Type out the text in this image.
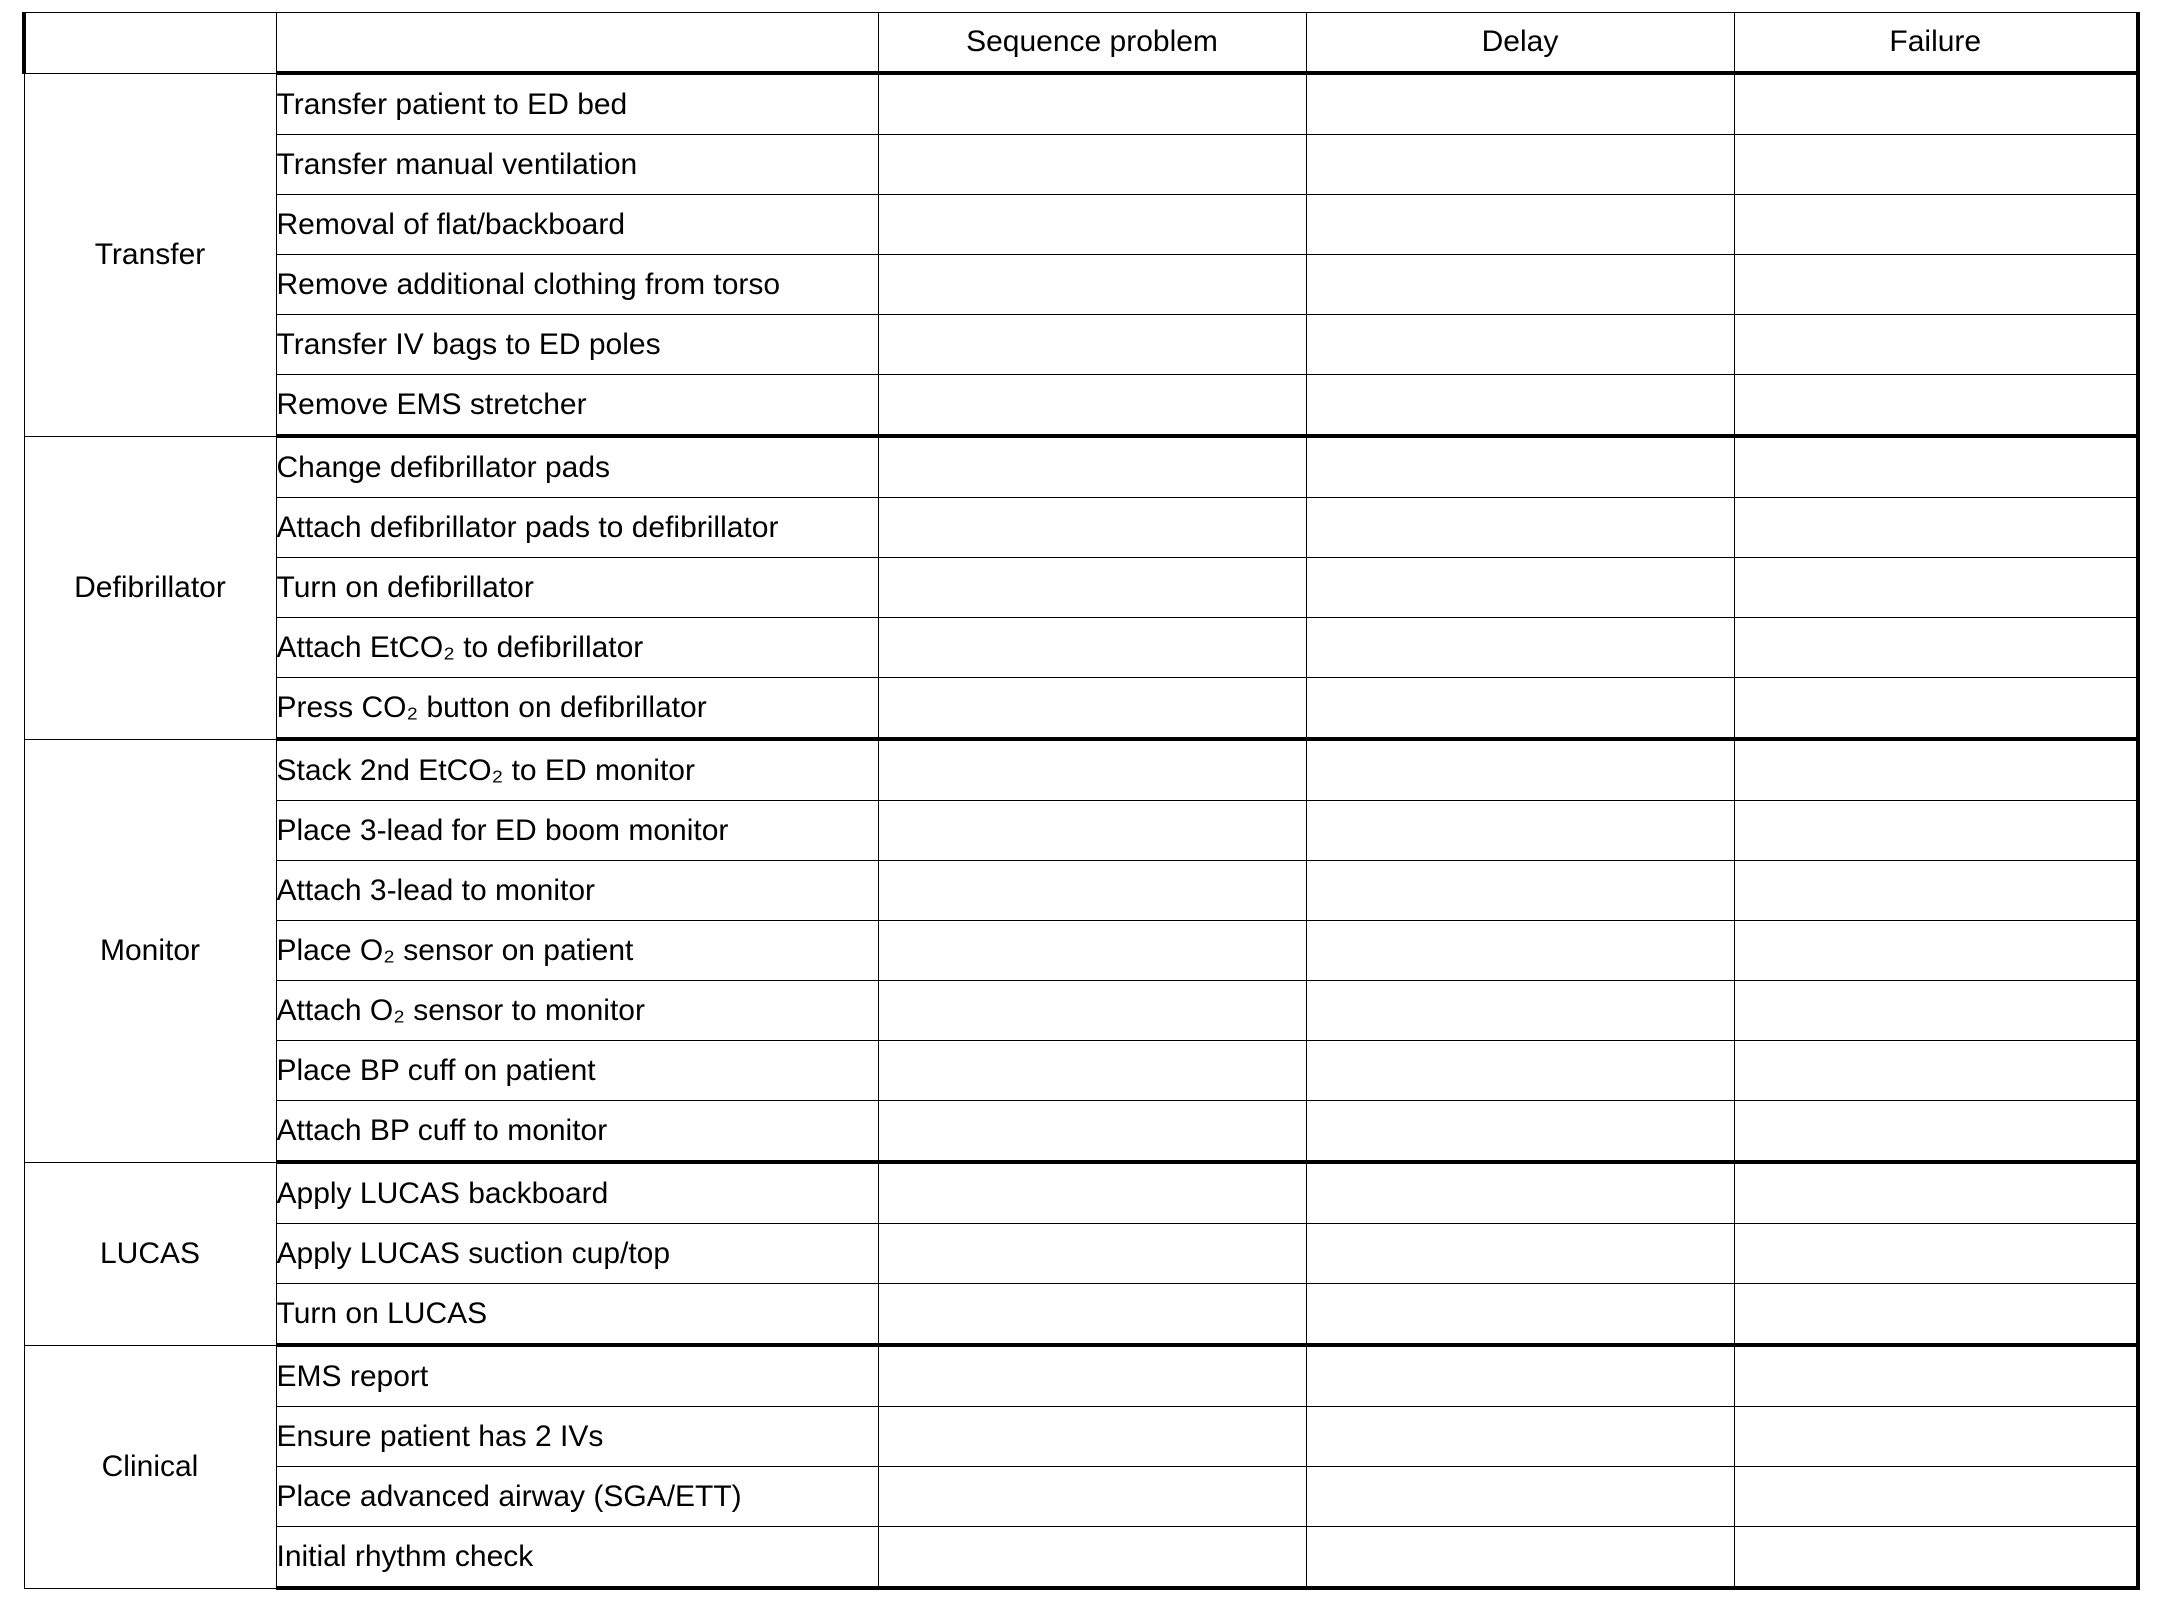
		Sequence problem	Delay	Failure
Transfer	Transfer patient to ED bed			
	Transfer manual ventilation			
	Removal of flat/backboard			
	Remove additional clothing from torso			
	Transfer IV bags to ED poles			
	Remove EMS stretcher			
Defibrillator	Change defibrillator pads			
	Attach defibrillator pads to defibrillator			
	Turn on defibrillator			
	Attach EtCO₂ to defibrillator			
	Press CO₂ button on defibrillator			
Monitor	Stack 2nd EtCO₂ to ED monitor			
	Place 3-lead for ED boom monitor			
	Attach 3-lead to monitor			
	Place O₂ sensor on patient			
	Attach O₂ sensor to monitor			
	Place BP cuff on patient			
	Attach BP cuff to monitor			
LUCAS	Apply LUCAS backboard			
	Apply LUCAS suction cup/top			
	Turn on LUCAS			
Clinical	EMS report			
	Ensure patient has 2 IVs			
	Place advanced airway (SGA/ETT)			
	Initial rhythm check			
